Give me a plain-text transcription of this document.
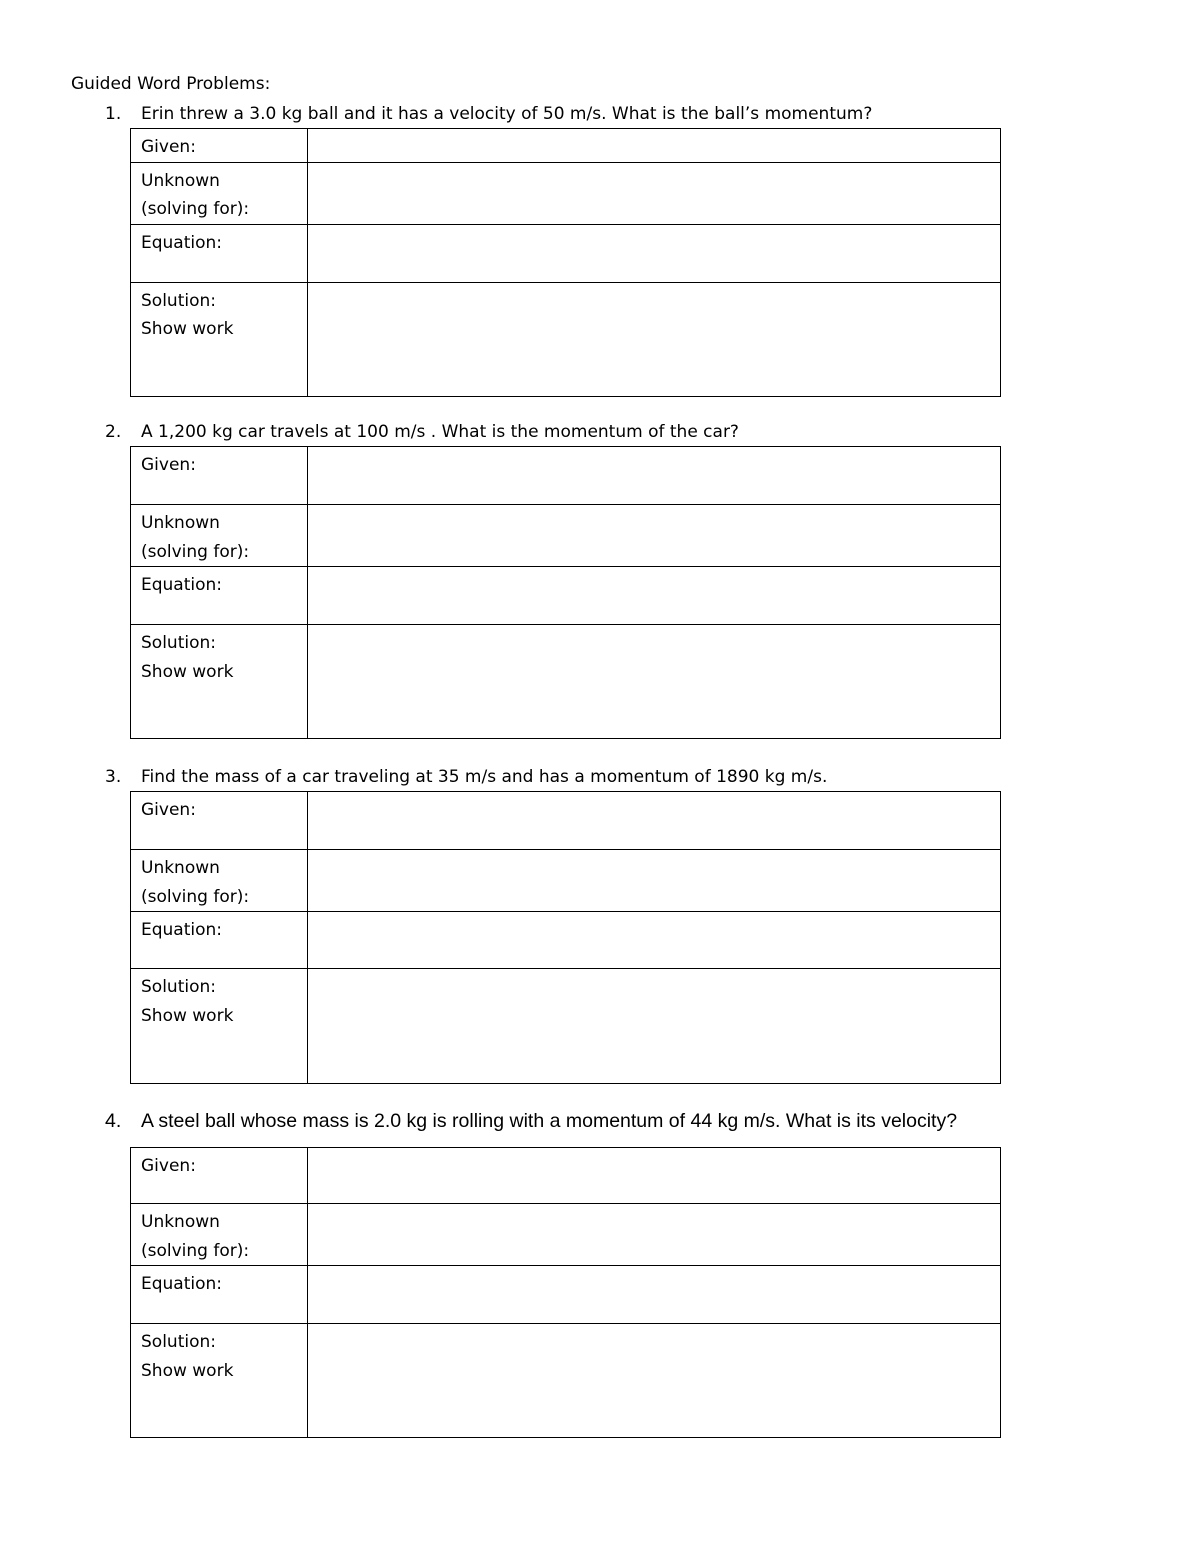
Guided Word Problems:
1. Erin threw a 3.0 kg ball and it has a velocity of 50 m/s. What is the ball’s momentum?
Given:	

Unknown
(solving for):	

Equation:	

Solution:
Show work	

2. A 1,200 kg car travels at 100 m/s . What is the momentum of the car?
Given:	

Unknown
(solving for):	

Equation:	

Solution:
Show work	

3. Find the mass of a car traveling at 35 m/s and has a momentum of 1890 kg m/s.
Given:	

Unknown
(solving for):	

Equation:	

Solution:
Show work	

4. A steel ball whose mass is 2.0 kg is rolling with a momentum of 44 kg m/s. What is its velocity?
Given:	

Unknown
(solving for):	

Equation:	

Solution:
Show work	
